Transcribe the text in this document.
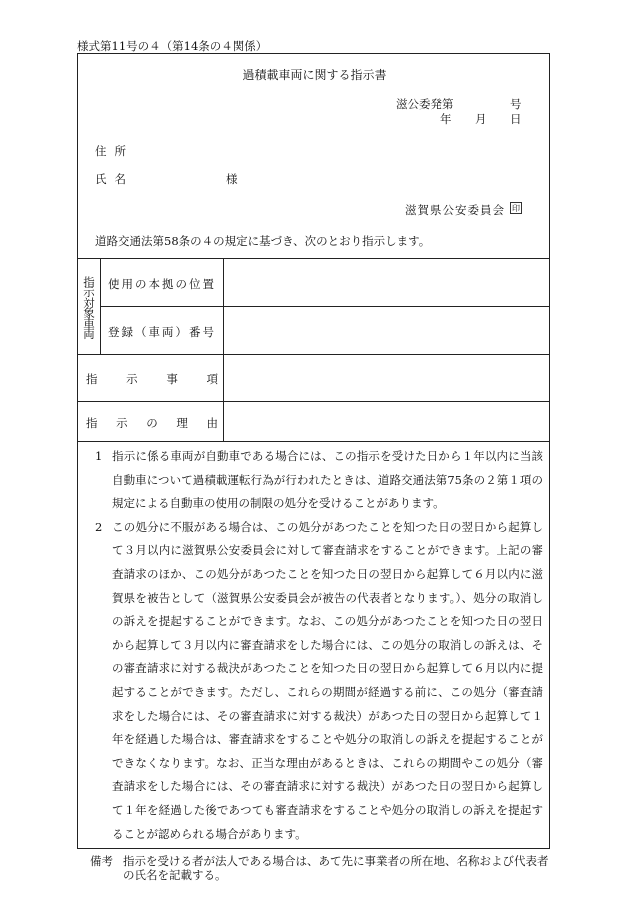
様式第11号の４（第14条の４関係）
過積載車両に関する指示書
滋公委発第	号
年 月 日
住所
氏名	様
滋賀県公安委員会 印
道路交通法第58条の４の規定に基づき、次のとおり指示します。
指
示
対
象
車
両
使用の本拠の位置
登録（車両）番号
指 示 事 項
指 示 の 理 由

1 指示に係る車両が自動車である場合には、この指示を受けた日から１年以内に当該自動車について過積載運転行為が行われたときは、道路交通法第75条の２第１項の規定による自動車の使用の制限の処分を受けることがあります。

2 この処分に不服がある場合は、この処分があつたことを知つた日の翌日から起算して３月以内に滋賀県公安委員会に対して審査請求をすることができます。上記の審査請求のほか、この処分があつたことを知つた日の翌日から起算して６月以内に滋賀県を被告として（滋賀県公安委員会が被告の代表者となります。）、処分の取消しの訴えを提起することができます。なお、この処分があつたことを知つた日の翌日から起算して３月以内に審査請求をした場合には、この処分の取消しの訴えは、その審査請求に対する裁決があつたことを知つた日の翌日から起算して６月以内に提起することができます。ただし、これらの期間が経過する前に、この処分（審査請求をした場合には、その審査請求に対する裁決）があつた日の翌日から起算して１年を経過した場合は、審査請求をすることや処分の取消しの訴えを提起することができなくなります。なお、正当な理由があるときは、これらの期間やこの処分（審査請求をした場合には、その審査請求に対する裁決）があつた日の翌日から起算して１年を経過した後であつても審査請求をすることや処分の取消しの訴えを提起することが認められる場合があります。

備考 指示を受ける者が法人である場合は、あて先に事業者の所在地、名称および代表者の氏名を記載する。
